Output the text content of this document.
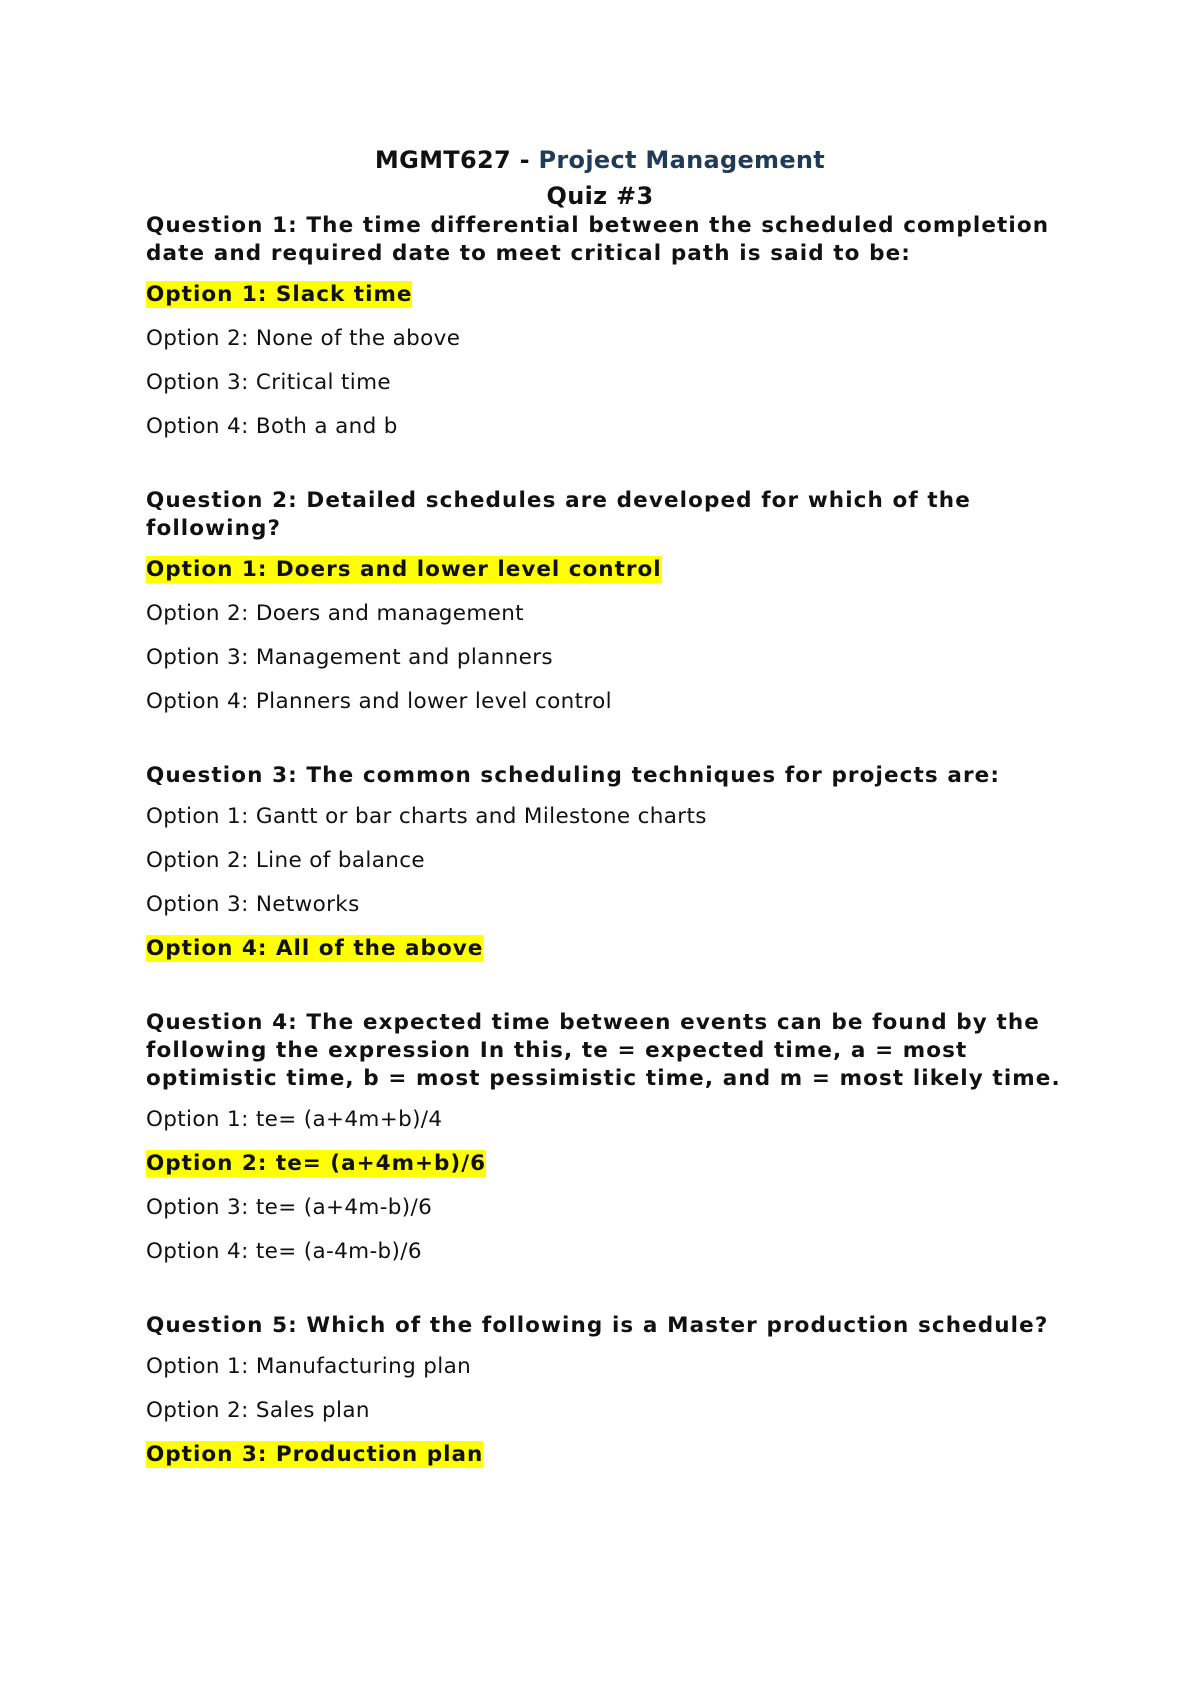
MGMT627 - Project Management
Quiz #3

Question 1: The time differential between the scheduled completion date and required date to meet critical path is said to be:

Option 1: Slack time

Option 2: None of the above

Option 3: Critical time

Option 4: Both a and b

Question 2: Detailed schedules are developed for which of the following?

Option 1: Doers and lower level control

Option 2: Doers and management

Option 3: Management and planners

Option 4: Planners and lower level control

Question 3: The common scheduling techniques for projects are:

Option 1: Gantt or bar charts and Milestone charts

Option 2: Line of balance

Option 3: Networks

Option 4: All of the above

Question 4: The expected time between events can be found by the following the expression In this, te = expected time, a = most optimistic time, b = most pessimistic time, and m = most likely time.

Option 1: te= (a+4m+b)/4

Option 2: te= (a+4m+b)/6

Option 3: te= (a+4m-b)/6

Option 4: te= (a-4m-b)/6

Question 5: Which of the following is a Master production schedule?

Option 1: Manufacturing plan

Option 2: Sales plan

Option 3: Production plan
